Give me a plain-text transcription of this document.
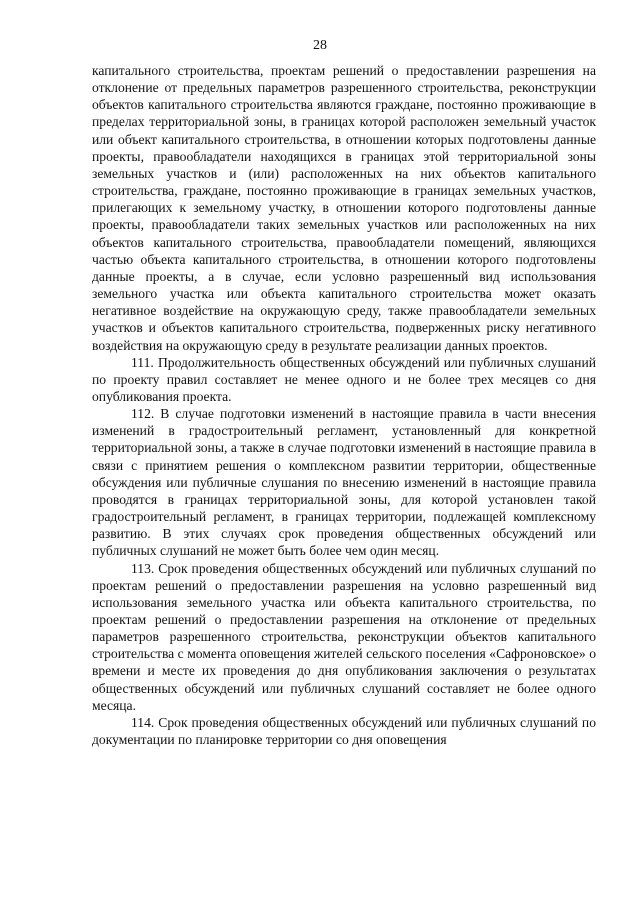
28

капитального строительства, проектам решений о предоставлении разрешения на отклонение от предельных параметров разрешенного строительства, реконструкции объектов капитального строительства являются граждане, постоянно проживающие в пределах территориальной зоны, в границах которой расположен земельный участок или объект капитального строительства, в отношении которых подготовлены данные проекты, правообладатели находящихся в границах этой территориальной зоны земельных участков и (или) расположенных на них объектов капитального строительства, граждане, постоянно проживающие в границах земельных участков, прилегающих к земельному участку, в отношении которого подготовлены данные проекты, правообладатели таких земельных участков или расположенных на них объектов капитального строительства, правообладатели помещений, являющихся частью объекта капитального строительства, в отношении которого подготовлены данные проекты, а в случае, если условно разрешенный вид использования земельного участка или объекта капитального строительства может оказать негативное воздействие на окружающую среду, также правообладатели земельных участков и объектов капитального строительства, подверженных риску негативного воздействия на окружающую среду в результате реализации данных проектов.

111. Продолжительность общественных обсуждений или публичных слушаний по проекту правил составляет не менее одного и не более трех месяцев со дня опубликования проекта.

112. В случае подготовки изменений в настоящие правила в части внесения изменений в градостроительный регламент, установленный для конкретной территориальной зоны, а также в случае подготовки изменений в настоящие правила в связи с принятием решения о комплексном развитии территории, общественные обсуждения или публичные слушания по внесению изменений в настоящие правила проводятся в границах территориальной зоны, для которой установлен такой градостроительный регламент, в границах территории, подлежащей комплексному развитию. В этих случаях срок проведения общественных обсуждений или публичных слушаний не может быть более чем один месяц.

113. Срок проведения общественных обсуждений или публичных слушаний по проектам решений о предоставлении разрешения на условно разрешенный вид использования земельного участка или объекта капитального строительства, по проектам решений о предоставлении разрешения на отклонение от предельных параметров разрешенного строительства, реконструкции объектов капитального строительства с момента оповещения жителей сельского поселения «Сафроновское» о времени и месте их проведения до дня опубликования заключения о результатах общественных обсуждений или публичных слушаний составляет не более одного месяца.

114. Срок проведения общественных обсуждений или публичных слушаний по документации по планировке территории со дня оповещения
